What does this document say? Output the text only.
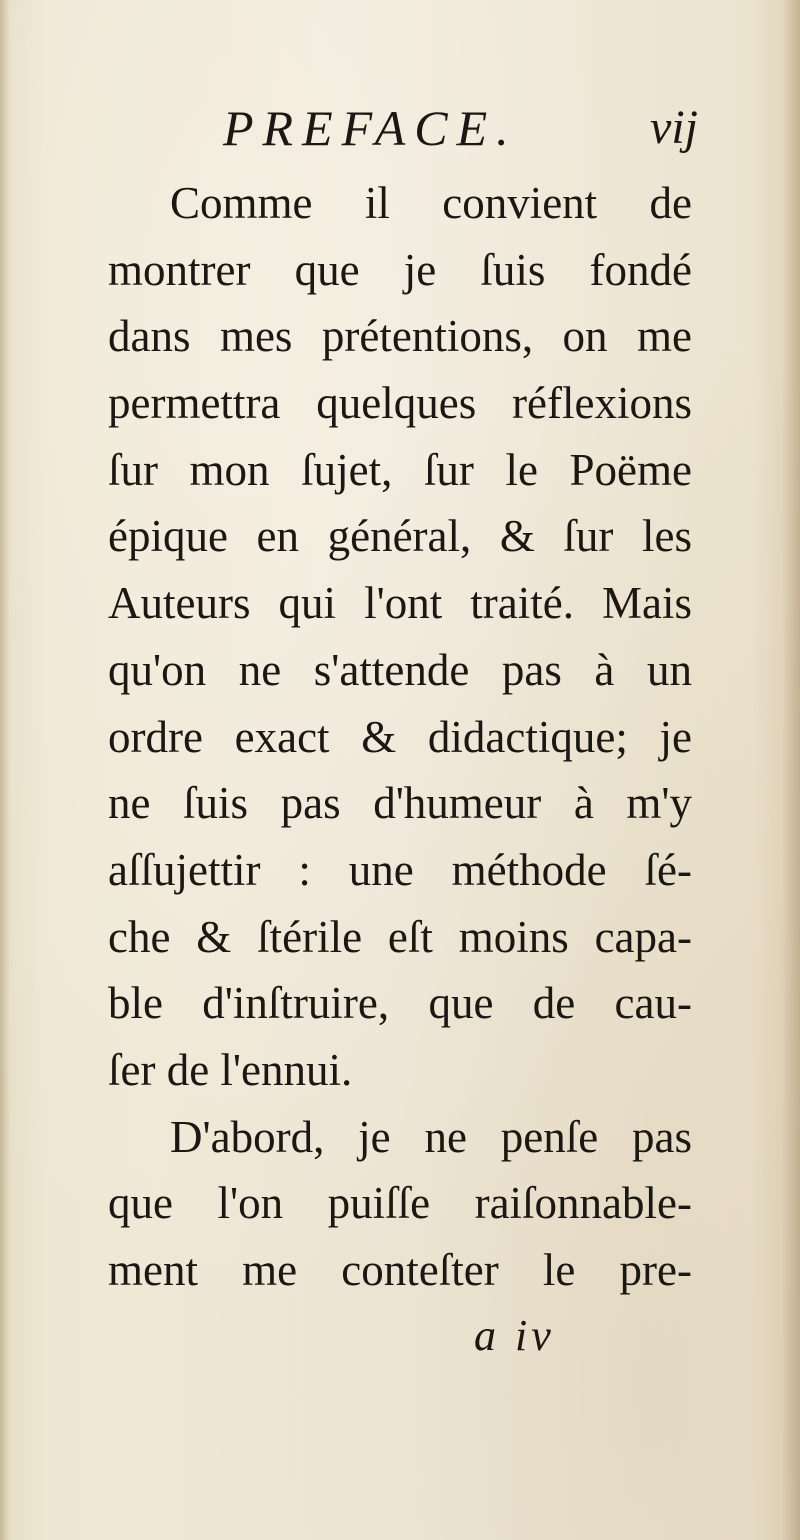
PREFACE.	vij
Comme il convient de
montrer que je ſuis fondé
dans mes prétentions, on me
permettra quelques réflexions
ſur mon ſujet, ſur le Poëme
épique en général, & ſur les
Auteurs qui l'ont traité. Mais
qu'on ne s'attende pas à un
ordre exact & didactique; je
ne ſuis pas d'humeur à m'y
aſſujettir : une méthode ſé-
che & ſtérile eſt moins capa-
ble d'inſtruire, que de cau-
ſer de l'ennui.
D'abord, je ne penſe pas
que l'on puiſſe raiſonnable-
ment me conteſter le pre-
a iv
